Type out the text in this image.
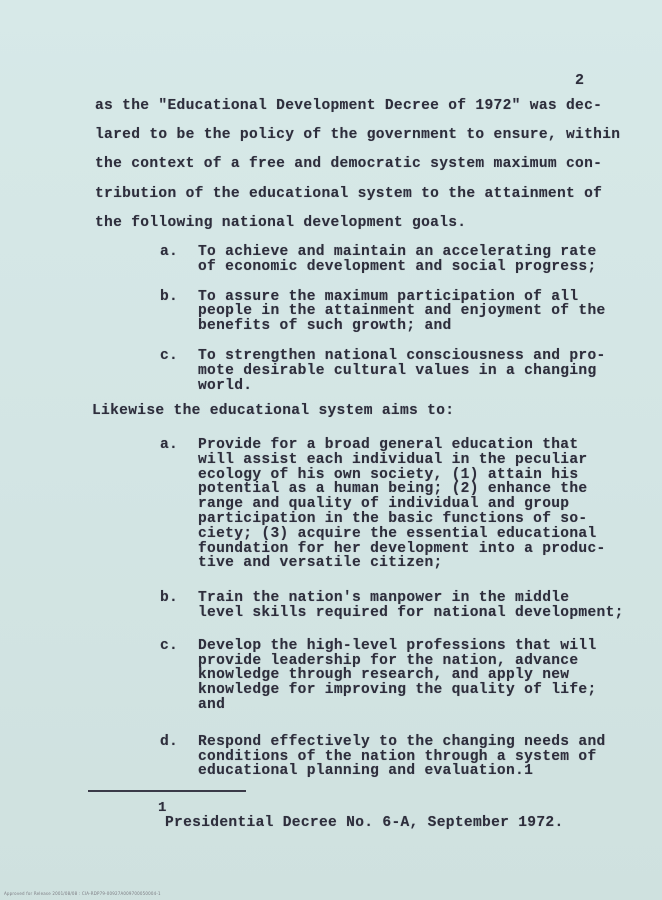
2
as the "Educational Development Decree of 1972" was dec-
lared to be the policy of the government to ensure, within
the context of a free and democratic system maximum con-
tribution of the educational system to the attainment of
the following national development goals.
a.	To achieve and maintain an accelerating rate
of economic development and social progress;
b.	To assure the maximum participation of all
people in the attainment and enjoyment of the
benefits of such growth; and
c.	To strengthen national consciousness and pro-
mote desirable cultural values in a changing
world.
Likewise the educational system aims to:
a.	Provide for a broad general education that
will assist each individual in the peculiar
ecology of his own society, (1) attain his
potential as a human being; (2) enhance the
range and quality of individual and group
participation in the basic functions of so-
ciety; (3) acquire the essential educational
foundation for her development into a produc-
tive and versatile citizen;
b.	Train the nation's manpower in the middle
level skills required for national development;
c.	Develop the high-level professions that will
provide leadership for the nation, advance
knowledge through research, and apply new
knowledge for improving the quality of life;
and
d.	Respond effectively to the changing needs and
conditions of the nation through a system of
educational planning and evaluation.1
1
Presidential Decree No. 6-A, September 1972.
Approved for Release 2001/08/08 : CIA-RDP79-00927A009700050004-1
